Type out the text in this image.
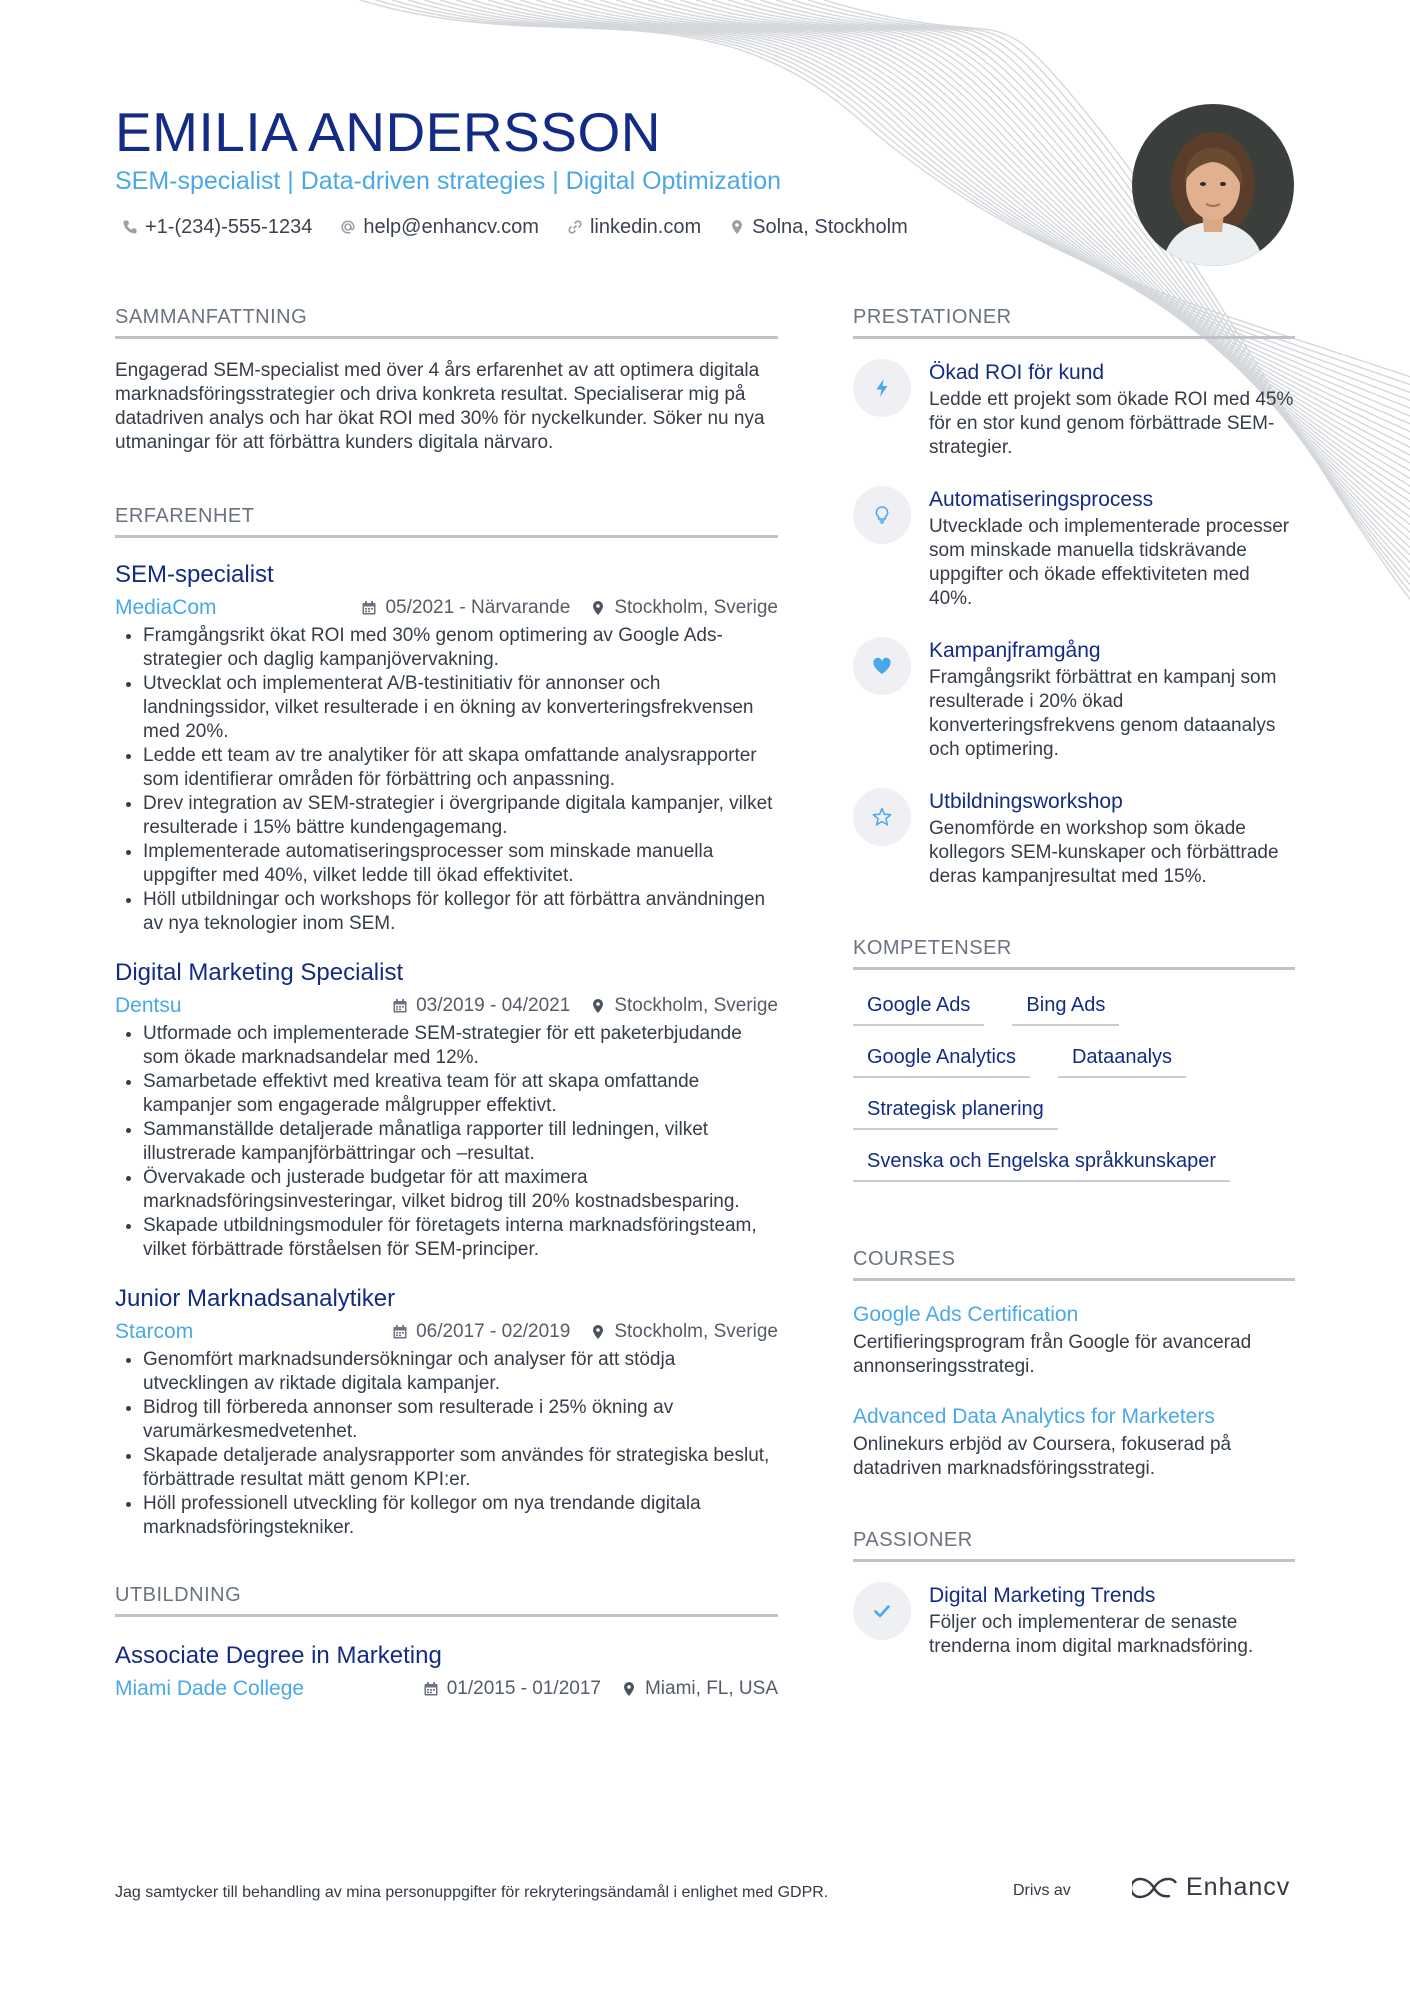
EMILIA ANDERSSON
SEM-specialist | Data-driven strategies | Digital Optimization
+1-(234)-555-1234	help@enhancv.com	linkedin.com	Solna, Stockholm
SAMMANFATTNING
Engagerad SEM-specialist med över 4 års erfarenhet av att optimera digitala marknadsföringsstrategier och driva konkreta resultat. Specialiserar mig på datadriven analys och har ökat ROI med 30% för nyckelkunder. Söker nu nya utmaningar för att förbättra kunders digitala närvaro.
ERFARENHET
SEM-specialist
MediaCom	05/2021 - Närvarande Stockholm, Sverige
• Framgångsrikt ökat ROI med 30% genom optimering av Google Ads-strategier och daglig kampanjövervakning.
• Utvecklat och implementerat A/B-testinitiativ för annonser och landningssidor, vilket resulterade i en ökning av konverteringsfrekvensen med 20%.
• Ledde ett team av tre analytiker för att skapa omfattande analysrapporter som identifierar områden för förbättring och anpassning.
• Drev integration av SEM-strategier i övergripande digitala kampanjer, vilket resulterade i 15% bättre kundengagemang.
• Implementerade automatiseringsprocesser som minskade manuella uppgifter med 40%, vilket ledde till ökad effektivitet.
• Höll utbildningar och workshops för kollegor för att förbättra användningen av nya teknologier inom SEM.
Digital Marketing Specialist
Dentsu	03/2019 - 04/2021 Stockholm, Sverige
• Utformade och implementerade SEM-strategier för ett paketerbjudande som ökade marknadsandelar med 12%.
• Samarbetade effektivt med kreativa team för att skapa omfattande kampanjer som engagerade målgrupper effektivt.
• Sammanställde detaljerade månatliga rapporter till ledningen, vilket illustrerade kampanjförbättringar och –resultat.
• Övervakade och justerade budgetar för att maximera marknadsföringsinvesteringar, vilket bidrog till 20% kostnadsbesparing.
• Skapade utbildningsmoduler för företagets interna marknadsföringsteam, vilket förbättrade förståelsen för SEM-principer.
Junior Marknadsanalytiker
Starcom	06/2017 - 02/2019 Stockholm, Sverige
• Genomfört marknadsundersökningar och analyser för att stödja utvecklingen av riktade digitala kampanjer.
• Bidrog till förbereda annonser som resulterade i 25% ökning av varumärkesmedvetenhet.
• Skapade detaljerade analysrapporter som användes för strategiska beslut, förbättrade resultat mätt genom KPI:er.
• Höll professionell utveckling för kollegor om nya trendande digitala marknadsföringstekniker.
UTBILDNING
Associate Degree in Marketing
Miami Dade College	01/2015 - 01/2017 Miami, FL, USA
PRESTATIONER
Ökad ROI för kund
Ledde ett projekt som ökade ROI med 45% för en stor kund genom förbättrade SEM-strategier.
Automatiseringsprocess
Utvecklade och implementerade processer som minskade manuella tidskrävande uppgifter och ökade effektiviteten med 40%.
Kampanjframgång
Framgångsrikt förbättrat en kampanj som resulterade i 20% ökad konverteringsfrekvens genom dataanalys och optimering.
Utbildningsworkshop
Genomförde en workshop som ökade kollegors SEM-kunskaper och förbättrade deras kampanjresultat med 15%.
KOMPETENSER
Google Ads	Bing Ads
Google Analytics	Dataanalys
Strategisk planering
Svenska och Engelska språkkunskaper
COURSES
Google Ads Certification
Certifieringsprogram från Google för avancerad annonseringsstrategi.
Advanced Data Analytics for Marketers
Onlinekurs erbjöd av Coursera, fokuserad på datadriven marknadsföringsstrategi.
PASSIONER
Digital Marketing Trends
Följer och implementerar de senaste trenderna inom digital marknadsföring.
Jag samtycker till behandling av mina personuppgifter för rekryteringsändamål i enlighet med GDPR.	Drivs av	Enhancv
